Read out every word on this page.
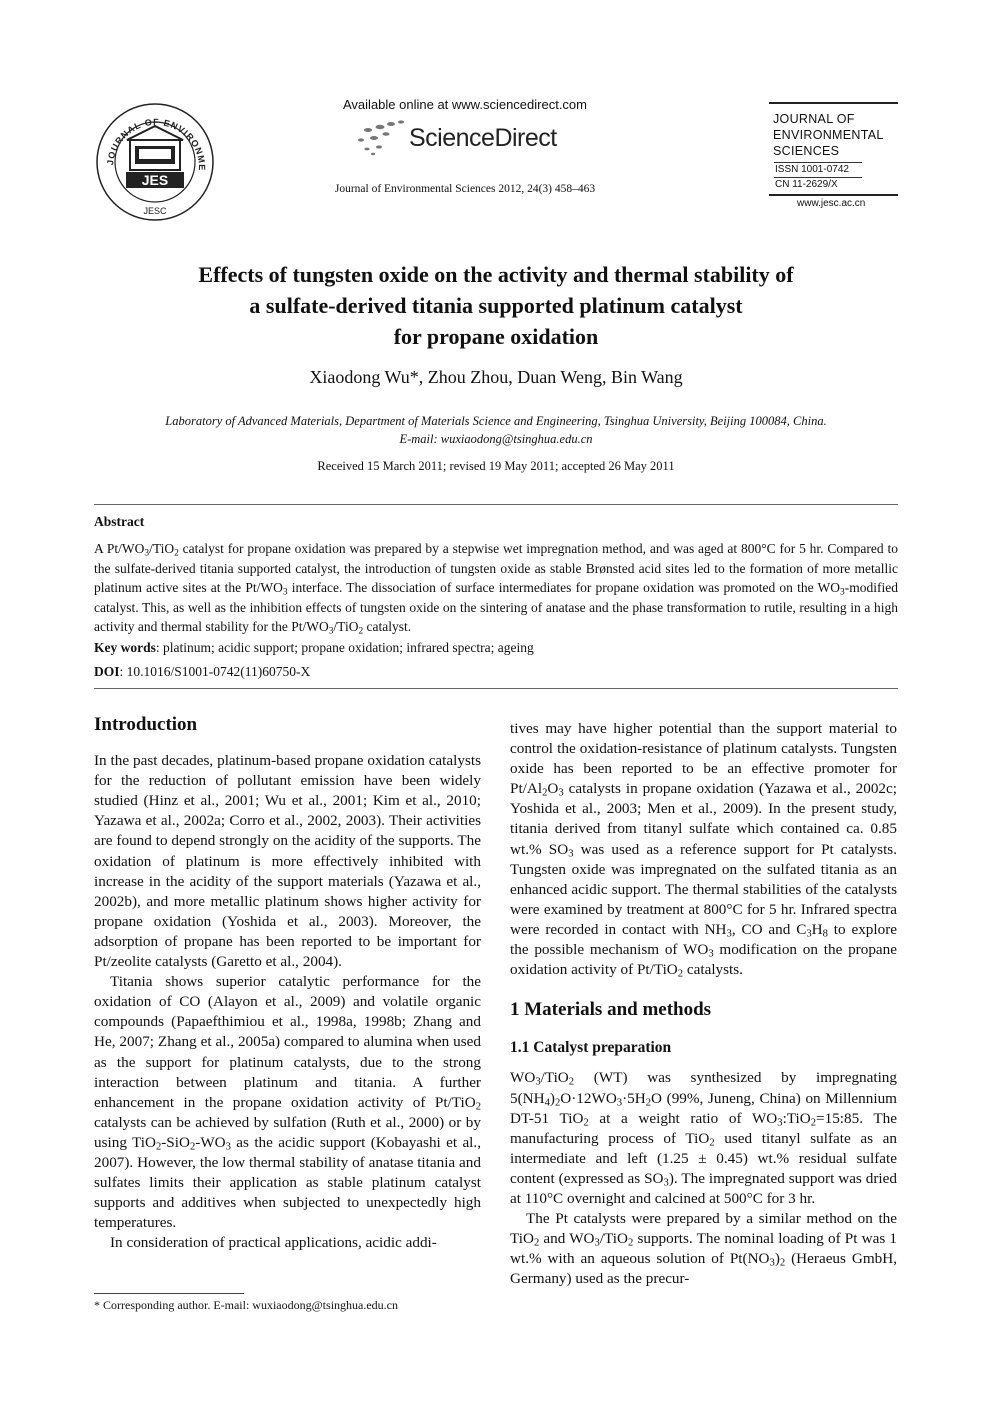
JOURNAL OF ENVIRONME
JES
JESC
Available online at www.sciencedirect.com
ScienceDirect
Journal of Environmental Sciences 2012, 24(3) 458–463
JOURNAL OF
ENVIRONMENTAL
SCIENCES
ISSN 1001-0742
CN 11-2629/X
www.jesc.ac.cn
Effects of tungsten oxide on the activity and thermal stability of
a sulfate-derived titania supported platinum catalyst
for propane oxidation
Xiaodong Wu*, Zhou Zhou, Duan Weng, Bin Wang
Laboratory of Advanced Materials, Department of Materials Science and Engineering, Tsinghua University, Beijing 100084, China.
E-mail: wuxiaodong@tsinghua.edu.cn
Received 15 March 2011; revised 19 May 2011; accepted 26 May 2011
Abstract
A $Pt/WO_3/TiO_2$ catalyst for propane oxidation was prepared by a stepwise wet impregnation method, and was aged at 800°C for 5 hr. Compared to the sulfate-derived titania supported catalyst, the introduction of tungsten oxide as stable Brønsted acid sites led to the formation of more metallic platinum active sites at the $Pt/WO_3$ interface. The dissociation of surface intermediates for propane oxidation was promoted on the $WO_3$-modified catalyst. This, as well as the inhibition effects of tungsten oxide on the sintering of anatase and the phase transformation to rutile, resulting in a high activity and thermal stability for the $Pt/WO_3/TiO_2$ catalyst.
Key words: platinum; acidic support; propane oxidation; infrared spectra; ageing
DOI: 10.1016/S1001-0742(11)60750-X
Introduction

In the past decades, platinum-based propane oxidation catalysts for the reduction of pollutant emission have been widely studied (Hinz et al., 2001; Wu et al., 2001; Kim et al., 2010; Yazawa et al., 2002a; Corro et al., 2002, 2003). Their activities are found to depend strongly on the acidity of the supports. The oxidation of platinum is more effectively inhibited with increase in the acidity of the support materials (Yazawa et al., 2002b), and more metallic platinum shows higher activity for propane oxidation (Yoshida et al., 2003). Moreover, the adsorption of propane has been reported to be important for Pt/zeolite catalysts (Garetto et al., 2004).

Titania shows superior catalytic performance for the oxidation of CO (Alayon et al., 2009) and volatile organic compounds (Papaefthimiou et al., 1998a, 1998b; Zhang and He, 2007; Zhang et al., 2005a) compared to alumina when used as the support for platinum catalysts, due to the strong interaction between platinum and titania. A further enhancement in the propane oxidation activity of Pt/TiO$_2$ catalysts can be achieved by sulfation (Ruth et al., 2000) or by using $TiO_2-SiO_2-WO_3$ as the acidic support (Kobayashi et al., 2007). However, the low thermal stability of anatase titania and sulfates limits their application as stable platinum catalyst supports and additives when subjected to unexpectedly high temperatures.

In consideration of practical applications, acidic addi-

tives may have higher potential than the support material to control the oxidation-resistance of platinum catalysts. Tungsten oxide has been reported to be an effective promoter for $Pt/Al_2O_3$ catalysts in propane oxidation (Yazawa et al., 2002c; Yoshida et al., 2003; Men et al., 2009). In the present study, titania derived from titanyl sulfate which contained ca. 0.85 wt.% $SO_3$ was used as a reference support for Pt catalysts. Tungsten oxide was impregnated on the sulfated titania as an enhanced acidic support. The thermal stabilities of the catalysts were examined by treatment at 800°C for 5 hr. Infrared spectra were recorded in contact with $NH_3$, CO and $C_3H_8$ to explore the possible mechanism of $WO_3$ modification on the propane oxidation activity of Pt/TiO$_2$ catalysts.

1 Materials and methods
1.1 Catalyst preparation

$WO_3/TiO_2$ (WT) was synthesized by impregnating $5(NH_4)_2O\cdot 12WO_3\cdot 5H_2O$ (99%, Juneng, China) on Millennium DT-51 TiO$_2$ at a weight ratio of $WO_3:TiO_2=15:85$. The manufacturing process of TiO$_2$ used titanyl sulfate as an intermediate and left (1.25 ± 0.45) wt.% residual sulfate content (expressed as $SO_3$). The impregnated support was dried at 110°C overnight and calcined at 500°C for 3 hr.

The Pt catalysts were prepared by a similar method on the TiO$_2$ and $WO_3/TiO_2$ supports. The nominal loading of Pt was 1 wt.% with an aqueous solution of $Pt(NO_3)_2$ (Heraeus GmbH, Germany) used as the precur-

* Corresponding author. E-mail: wuxiaodong@tsinghua.edu.cn
